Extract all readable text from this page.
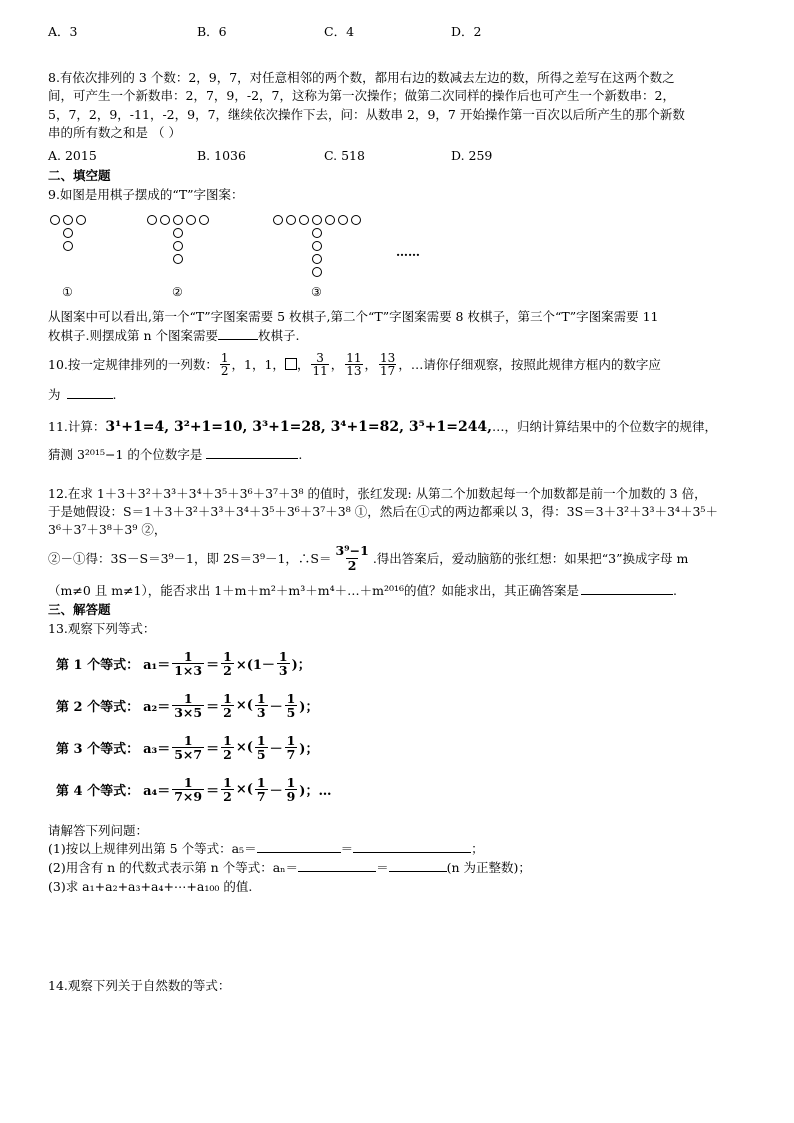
A．3	B．6	C．4	D．2
8.有依次排列的 3 个数：2，9，7，对任意相邻的两个数，都用右边的数减去左边的数，所得之差写在这两个数之
间，可产生一个新数串：2，7，9，-2，7，这称为第一次操作；做第二次同样的操作后也可产生一个新数串：2，
5，7，2，9，-11，-2，9，7，继续依次操作下去，问：从数串 2，9，7 开始操作第一百次以后所产生的那个新数
串的所有数之和是 （ ）
A. 2015	B. 1036	C. 518	D. 259
二、填空题
9.如图是用棋子摆成的“T”字图案：
①	②	③
……
从图案中可以看出,第一个“T”字图案需要 5 枚棋子,第二个“T”字图案需要 8 枚棋子，第三个“T”字图案需要 11
枚棋子.则摆成第 n 个图案需要	枚棋子.
10.按一定规律排列的一列数： $\frac{1}{2}$ ，1，1， ， $\frac{3}{11}$ ， $\frac{11}{13}$ ， $\frac{13}{17}$ ，…请你仔细观察，按照此规律方框内的数字应
为	.
11.计算：3¹+1=4, 3²+1=10, 3³+1=28, 3⁴+1=82, 3⁵+1=244,…，归纳计算结果中的个位数字的规律，
猜测 3²⁰¹⁵−1 的个位数字是	.
12.在求 1＋3＋3²＋3³＋3⁴＋3⁵＋3⁶＋3⁷＋3⁸ 的值时，张红发现: 从第二个加数起每一个加数都是前一个加数的 3 倍，
于是她假设：S＝1＋3＋3²＋3³＋3⁴＋3⁵＋3⁶＋3⁷＋3⁸ ①，然后在①式的两边都乘以 3，得：3S＝3＋3²＋3³＋3⁴＋3⁵＋
3⁶＋3⁷＋3⁸＋3⁹ ②，
②－①得：3S－S＝3⁹－1，即 2S＝3⁹－1，∴S＝
3⁹−1
2 .得出答案后，爱动脑筋的张红想：如果把“3”换成字母 m
（m≠0 且 m≠1），能否求出 1＋m＋m²＋m³＋m⁴＋…＋m²⁰¹⁶的值？如能求出，其正确答案是	.
三、解答题
13.观察下列等式：
第 1 个等式： a₁＝
1
$1\times 3 = \frac{1}{2} \times(1-$
1
3 )；
第 2 个等式： a₂＝
1
$3\times 5 = \frac{1}{2}$ ×( 1
3 －
1
5 )；
第 3 个等式： a₃＝
1
$5\times 7 = \frac{1}{2}$ ×( 1
5 －
1
7 )；
第 4 个等式： a₄＝
1
$7\times 9 = \frac{1}{2}$ ×( 1
7 －
1
9 )；…
请解答下列问题：
(1)按以上规律列出第 5 个等式：a₅＝	＝	；
(2)用含有 n 的代数式表示第 n 个等式：aₙ＝	＝	(n 为正整数)；
(3)求 a₁+a₂+a₃+a₄+⋯+a₁₀₀ 的值.
14.观察下列关于自然数的等式：
